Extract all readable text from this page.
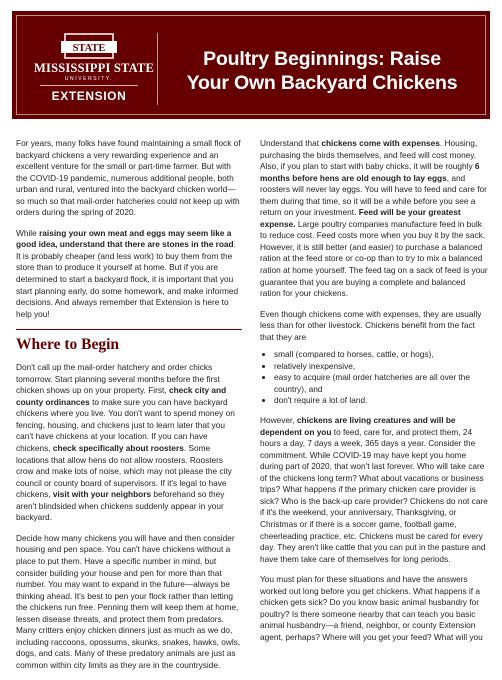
STATE
MISSISSIPPI STATE
UNIVERSITY.
EXTENSION
Poultry Beginnings: Raise
Your Own Backyard Chickens

For years, many folks have found maintaining a small flock of backyard chickens a very rewarding experience and an excellent venture for the small or part-time farmer. But with the COVID-19 pandemic, numerous additional people, both urban and rural, ventured into the backyard chicken world—so much so that mail-order hatcheries could not keep up with orders during the spring of 2020.

While raising your own meat and eggs may seem like a good idea, understand that there are stones in the road. It is probably cheaper (and less work) to buy them from the store than to produce it yourself at home. But if you are determined to start a backyard flock, it is important that you start planning early, do some homework, and make informed decisions. And always remember that Extension is here to help you!

Where to Begin

Don't call up the mail-order hatchery and order chicks tomorrow. Start planning several months before the first chicken shows up on your property. First, check city and county ordinances to make sure you can have backyard chickens where you live. You don't want to spend money on fencing, housing, and chickens just to learn later that you can't have chickens at your location. If you can have chickens, check specifically about roosters. Some locations that allow hens do not allow roosters. Roosters crow and make lots of noise, which may not please the city council or county board of supervisors. If it's legal to have chickens, visit with your neighbors beforehand so they aren't blindsided when chickens suddenly appear in your backyard.

Decide how many chickens you will have and then consider housing and pen space. You can't have chickens without a place to put them. Have a specific number in mind, but consider building your house and pen for more than that number. You may want to expand in the future—always be thinking ahead. It's best to pen your flock rather than letting the chickens run free. Penning them will keep them at home, lessen disease threats, and protect them from predators. Many critters enjoy chicken dinners just as much as we do, including raccoons, opossums, skunks, snakes, hawks, owls, dogs, and cats. Many of these predatory animals are just as common within city limits as they are in the countryside.

Understand that chickens come with expenses. Housing, purchasing the birds themselves, and feed will cost money. Also, if you plan to start with baby chicks, it will be roughly 6 months before hens are old enough to lay eggs, and roosters will never lay eggs. You will have to feed and care for them during that time, so it will be a while before you see a return on your investment. Feed will be your greatest expense. Large poultry companies manufacture feed in bulk to reduce cost. Feed costs more when you buy it by the sack. However, it is still better (and easier) to purchase a balanced ration at the feed store or co-op than to try to mix a balanced ration at home yourself. The feed tag on a sack of feed is your guarantee that you are buying a complete and balanced ration for your chickens.

Even though chickens come with expenses, they are usually less than for other livestock. Chickens benefit from the fact that they are

• small (compared to horses, cattle, or hogs),
• relatively inexpensive,
• easy to acquire (mail order hatcheries are all over the country), and
• don't require a lot of land.

However, chickens are living creatures and will be dependent on you to feed, care for, and protect them, 24 hours a day, 7 days a week, 365 days a year. Consider the commitment. While COVID-19 may have kept you home during part of 2020, that won't last forever. Who will take care of the chickens long term? What about vacations or business trips? What happens if the primary chicken care provider is sick? Who is the back-up care provider? Chickens do not care if it's the weekend, your anniversary, Thanksgiving, or Christmas or if there is a soccer game, football game, cheerleading practice, etc. Chickens must be cared for every day. They aren't like cattle that you can put in the pasture and have them take care of themselves for long periods.

You must plan for these situations and have the answers worked out long before you get chickens. What happens if a chicken gets sick? Do you know basic animal husbandry for poultry? Is there someone nearby that can teach you basic animal husbandry—a friend, neighbor, or county Extension agent, perhaps? Where will you get your feed? What will you
